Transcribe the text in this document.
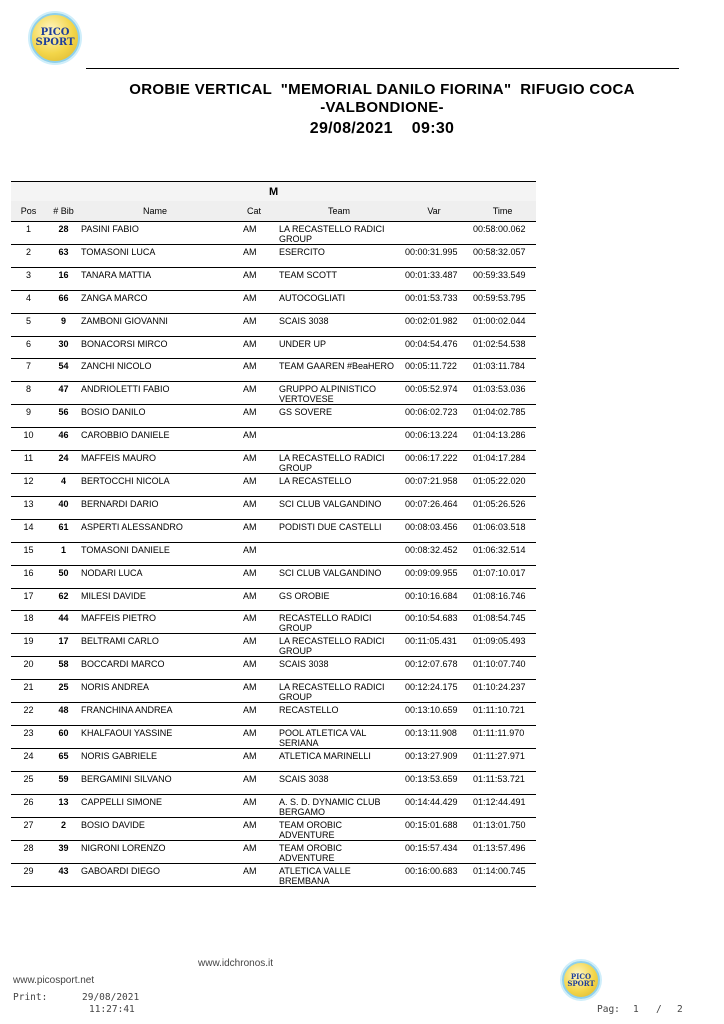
PICO
SPORT
OROBIE VERTICAL  "MEMORIAL DANILO FIORINA"  RIFUGIO COCA
-VALBONDIONE-
29/08/2021    09:30
M						
Pos	# Bib	Name	Cat	Team	Var	Time
1	28	PASINI FABIO	AM	LA RECASTELLO RADICI GROUP		00:58:00.062
2	63	TOMASONI LUCA	AM	ESERCITO	00:00:31.995	00:58:32.057
3	16	TANARA MATTIA	AM	TEAM SCOTT	00:01:33.487	00:59:33.549
4	66	ZANGA MARCO	AM	AUTOCOGLIATI	00:01:53.733	00:59:53.795
5	9	ZAMBONI GIOVANNI	AM	SCAIS 3038	00:02:01.982	01:00:02.044
6	30	BONACORSI MIRCO	AM	UNDER UP	00:04:54.476	01:02:54.538
7	54	ZANCHI NICOLO	AM	TEAM GAAREN #BeaHERO	00:05:11.722	01:03:11.784
8	47	ANDRIOLETTI FABIO	AM	GRUPPO ALPINISTICO VERTOVESE	00:05:52.974	01:03:53.036
9	56	BOSIO DANILO	AM	GS SOVERE	00:06:02.723	01:04:02.785
10	46	CAROBBIO DANIELE	AM		00:06:13.224	01:04:13.286
11	24	MAFFEIS MAURO	AM	LA RECASTELLO RADICI GROUP	00:06:17.222	01:04:17.284
12	4	BERTOCCHI NICOLA	AM	LA RECASTELLO	00:07:21.958	01:05:22.020
13	40	BERNARDI DARIO	AM	SCI CLUB VALGANDINO	00:07:26.464	01:05:26.526
14	61	ASPERTI ALESSANDRO	AM	PODISTI DUE CASTELLI	00:08:03.456	01:06:03.518
15	1	TOMASONI DANIELE	AM		00:08:32.452	01:06:32.514
16	50	NODARI LUCA	AM	SCI CLUB VALGANDINO	00:09:09.955	01:07:10.017
17	62	MILESI DAVIDE	AM	GS OROBIE	00:10:16.684	01:08:16.746
18	44	MAFFEIS PIETRO	AM	RECASTELLO RADICI GROUP	00:10:54.683	01:08:54.745
19	17	BELTRAMI CARLO	AM	LA RECASTELLO RADICI GROUP	00:11:05.431	01:09:05.493
20	58	BOCCARDI MARCO	AM	SCAIS 3038	00:12:07.678	01:10:07.740
21	25	NORIS ANDREA	AM	LA RECASTELLO RADICI GROUP	00:12:24.175	01:10:24.237
22	48	FRANCHINA ANDREA	AM	RECASTELLO	00:13:10.659	01:11:10.721
23	60	KHALFAOUI YASSINE	AM	POOL ATLETICA VAL SERIANA	00:13:11.908	01:11:11.970
24	65	NORIS GABRIELE	AM	ATLETICA MARINELLI	00:13:27.909	01:11:27.971
25	59	BERGAMINI SILVANO	AM	SCAIS 3038	00:13:53.659	01:11:53.721
26	13	CAPPELLI SIMONE	AM	A. S. D. DYNAMIC CLUB BERGAMO	00:14:44.429	01:12:44.491
27	2	BOSIO DAVIDE	AM	TEAM OROBIC ADVENTURE	00:15:01.688	01:13:01.750
28	39	NIGRONI LORENZO	AM	TEAM OROBIC ADVENTURE	00:15:57.434	01:13:57.496
29	43	GABOARDI DIEGO	AM	ATLETICA VALLE BREMBANA	00:16:00.683	01:14:00.745
www.idchronos.it
www.picosport.net
Print:	29/08/2021
11:27:41
PICO
SPORT
Pag: 1 / 2
